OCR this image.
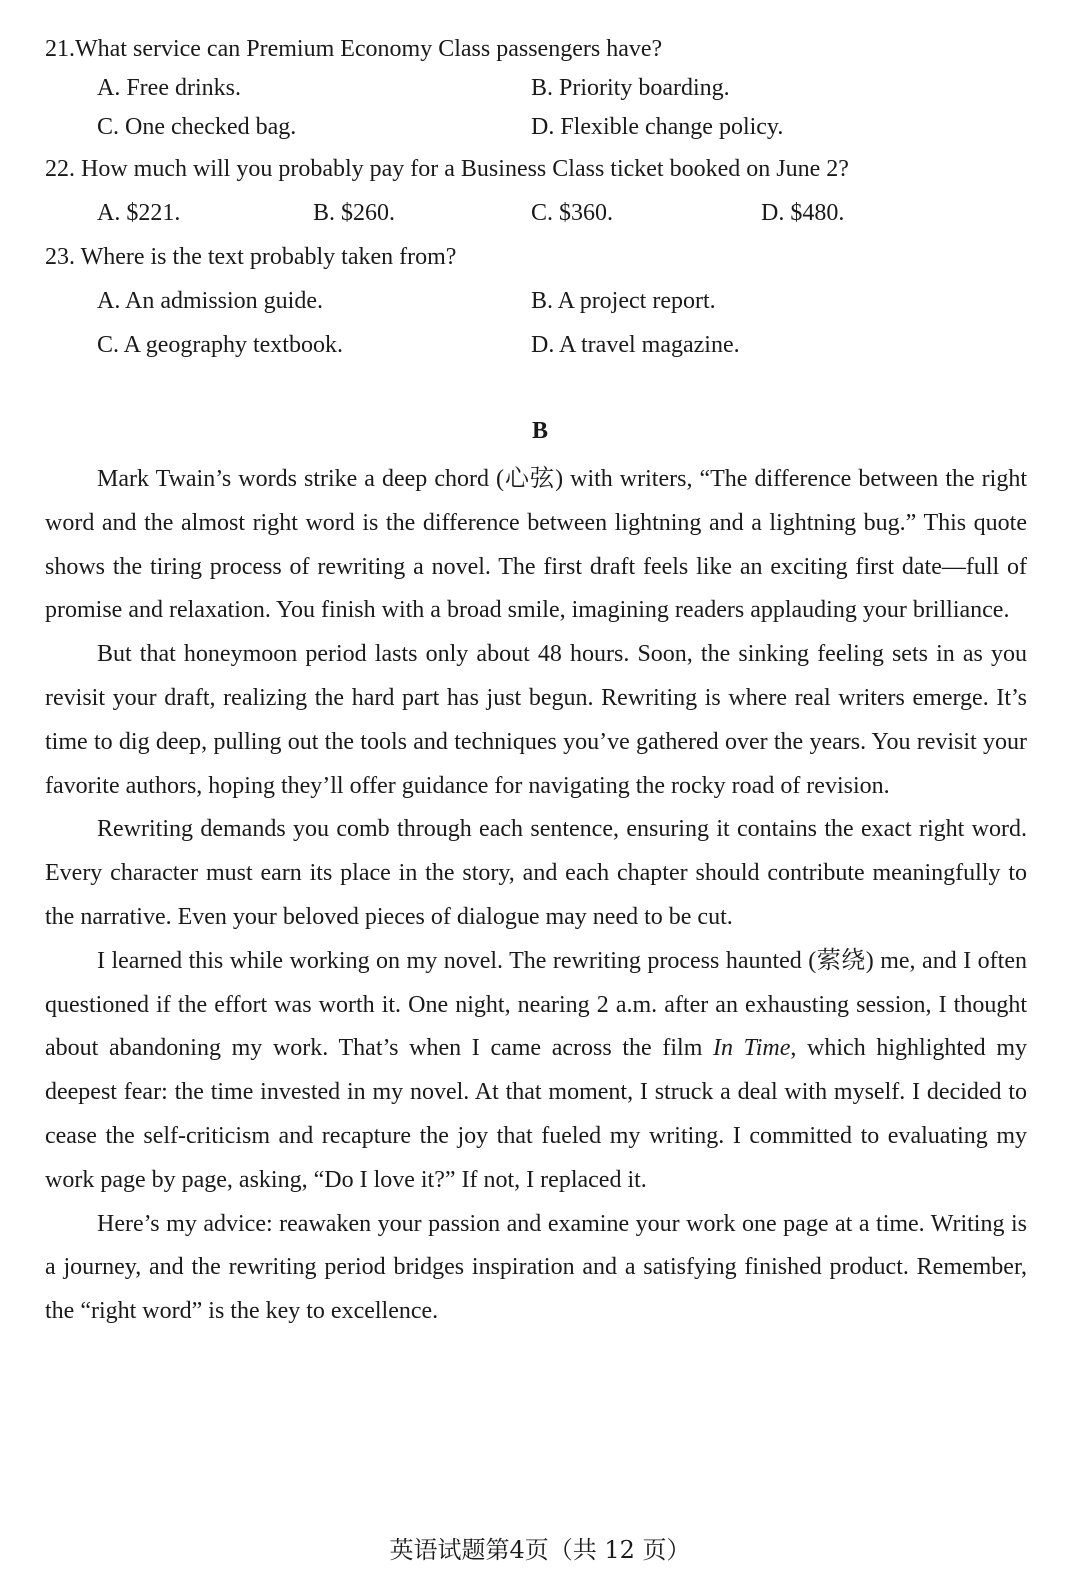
21.What service can Premium Economy Class passengers have?
A. Free drinks.	B. Priority boarding.
C. One checked bag.	D. Flexible change policy.
22. How much will you probably pay for a Business Class ticket booked on June 2?
A. $221.	B. $260.	C. $360.	D. $480.
23. Where is the text probably taken from?
A. An admission guide.	B. A project report.
C. A geography textbook.	D. A travel magazine.
B

Mark Twain’s words strike a deep chord (心弦) with writers, “The difference between the right word and the almost right word is the difference between lightning and a lightning bug.” This quote shows the tiring process of rewriting a novel. The first draft feels like an exciting first date—full of promise and relaxation. You finish with a broad smile, imagining readers applauding your brilliance.

But that honeymoon period lasts only about 48 hours. Soon, the sinking feeling sets in as you revisit your draft, realizing the hard part has just begun. Rewriting is where real writers emerge. It’s time to dig deep, pulling out the tools and techniques you’ve gathered over the years. You revisit your favorite authors, hoping they’ll offer guidance for navigating the rocky road of revision.

Rewriting demands you comb through each sentence, ensuring it contains the exact right word. Every character must earn its place in the story, and each chapter should contribute meaningfully to the narrative. Even your beloved pieces of dialogue may need to be cut.

I learned this while working on my novel. The rewriting process haunted (萦绕) me, and I often questioned if the effort was worth it. One night, nearing 2 a.m. after an exhausting session, I thought about abandoning my work. That’s when I came across the film In Time, which highlighted my deepest fear: the time invested in my novel. At that moment, I struck a deal with myself. I decided to cease the self-criticism and recapture the joy that fueled my writing. I committed to evaluating my work page by page, asking, “Do I love it?” If not, I replaced it.

Here’s my advice: reawaken your passion and examine your work one page at a time. Writing is a journey, and the rewriting period bridges inspiration and a satisfying finished product. Remember, the “right word” is the key to excellence.

英语试题第4页（共 12 页）
